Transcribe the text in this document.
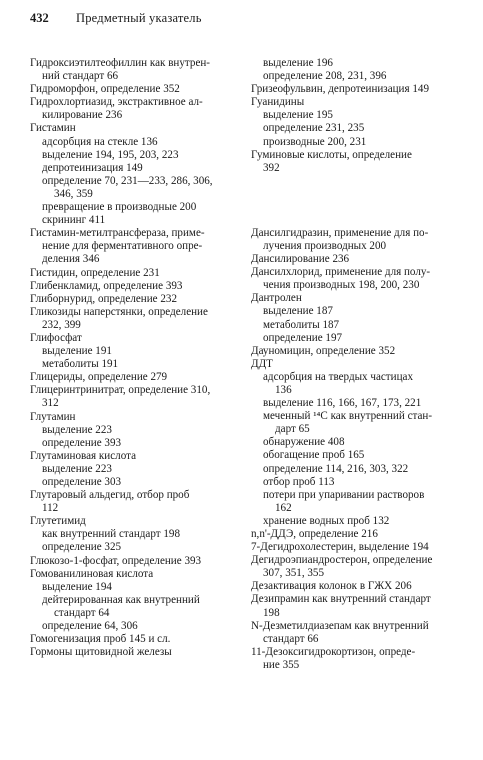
432 Предметный указатель
Гидроксиэтилтеофиллин как внутрен-
ний стандарт 66
Гидроморфон, определение 352
Гидрохлортиазид, экстрактивное ал-
килирование 236
Гистамин
адсорбция на стекле 136
выделение 194, 195, 203, 223
депротеинизация 149
определение 70, 231—233, 286, 306,
346, 359
превращение в производные 200
скрининг 411
Гистамин-метилтрансфераза, приме-
нение для ферментативного опре-
деления 346
Гистидин, определение 231
Глибенкламид, определение 393
Глиборнурид, определение 232
Гликозиды наперстянки, определение
232, 399
Глифосфат
выделение 191
метаболиты 191
Глицериды, определение 279
Глицеринтринитрат, определение 310,
312
Глутамин
выделение 223
определение 393
Глутаминовая кислота
выделение 223
определение 303
Глутаровый альдегид, отбор проб
112
Глутетимид
как внутренний стандарт 198
определение 325
Глюкозо-1-фосфат, определение 393
Гомованилиновая кислота
выделение 194
дейтерированная как внутренний
стандарт 64
определение 64, 306
Гомогенизация проб 145 и сл.
Гормоны щитовидной железы
выделение 196
определение 208, 231, 396
Гризеофульвин, депротеинизация 149
Гуанидины
выделение 195
определение 231, 235
производные 200, 231
Гуминовые кислоты, определение
392
Дансилгидразин, применение для по-
лучения производных 200
Дансилирование 236
Дансилхлорид, применение для полу-
чения производных 198, 200, 230
Дантролен
выделение 187
метаболиты 187
определение 197
Дауномицин, определение 352
ДДТ
адсорбция на твердых частицах
136
выделение 116, 166, 167, 173, 221
меченный ¹⁴C как внутренний стан-
дарт 65
обнаружение 408
обогащение проб 165
определение 114, 216, 303, 322
отбор проб 113
потери при упаривании растворов
162
хранение водных проб 132
n,n'-ДДЭ, определение 216
7-Дегидрохолестерин, выделение 194
Дегидроэпиандростерон, определение
307, 351, 355
Дезактивация колонок в ГЖХ 206
Дезипрамин как внутренний стандарт
198
N-Дезметилдиазепам как внутренний
стандарт 66
11-Дезоксигидрокортизон, опреде-
ние 355
